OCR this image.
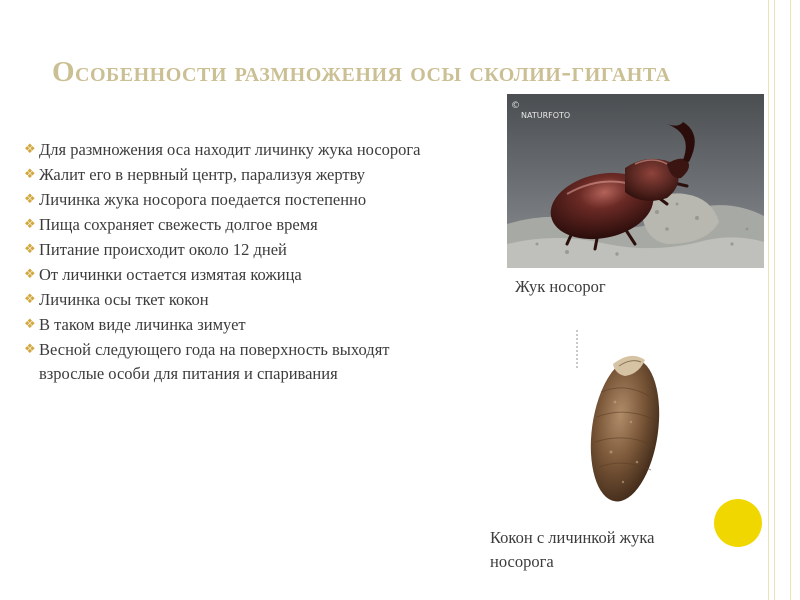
Особенности размножения осы сколии-гиганта
❖ Для размножения оса находит личинку жука носорога
❖ Жалит его в нервный центр, парализуя жертву
❖ Личинка жука носорога поедается постепенно
❖ Пища сохраняет свежесть долгое время
❖ Питание происходит около 12 дней
❖ От личинки остается измятая кожица
❖ Личинка осы ткет кокон
❖ В таком виде личинка зимует
❖ Весной следующего года на поверхность выходят взрослые особи для питания и спаривания
©
NATURFOTO
Жук носорог
Кокон с личинкой жука носорога
